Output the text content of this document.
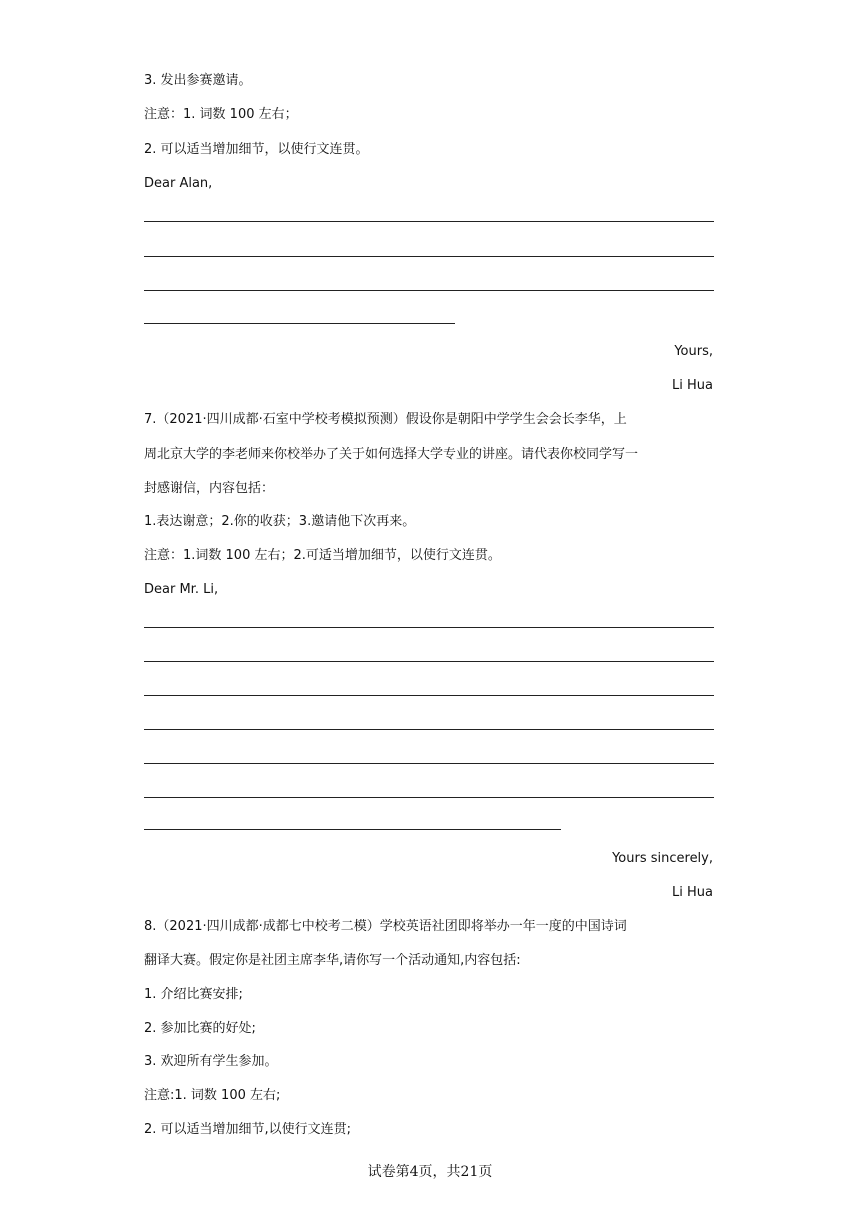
3. 发出参赛邀请。
注意：1. 词数 100 左右；
2. 可以适当增加细节，以使行文连贯。
Dear Alan,
Yours,
Li Hua
7.（2021·四川成都·石室中学校考模拟预测）假设你是朝阳中学学生会会长李华，上
周北京大学的李老师来你校举办了关于如何选择大学专业的讲座。请代表你校同学写一
封感谢信，内容包括：
1.表达谢意；2.你的收获；3.邀请他下次再来。
注意：1.词数 100 左右；2.可适当增加细节，以使行文连贯。
Dear Mr. Li,
Yours sincerely,
Li Hua
8.（2021·四川成都·成都七中校考二模）学校英语社团即将举办一年一度的中国诗词
翻译大赛。假定你是社团主席李华,请你写一个活动通知,内容包括:
1. 介绍比赛安排;
2. 参加比赛的好处;
3. 欢迎所有学生参加。
注意:1. 词数 100 左右;
2. 可以适当增加细节,以使行文连贯;
试卷第4页，共21页
